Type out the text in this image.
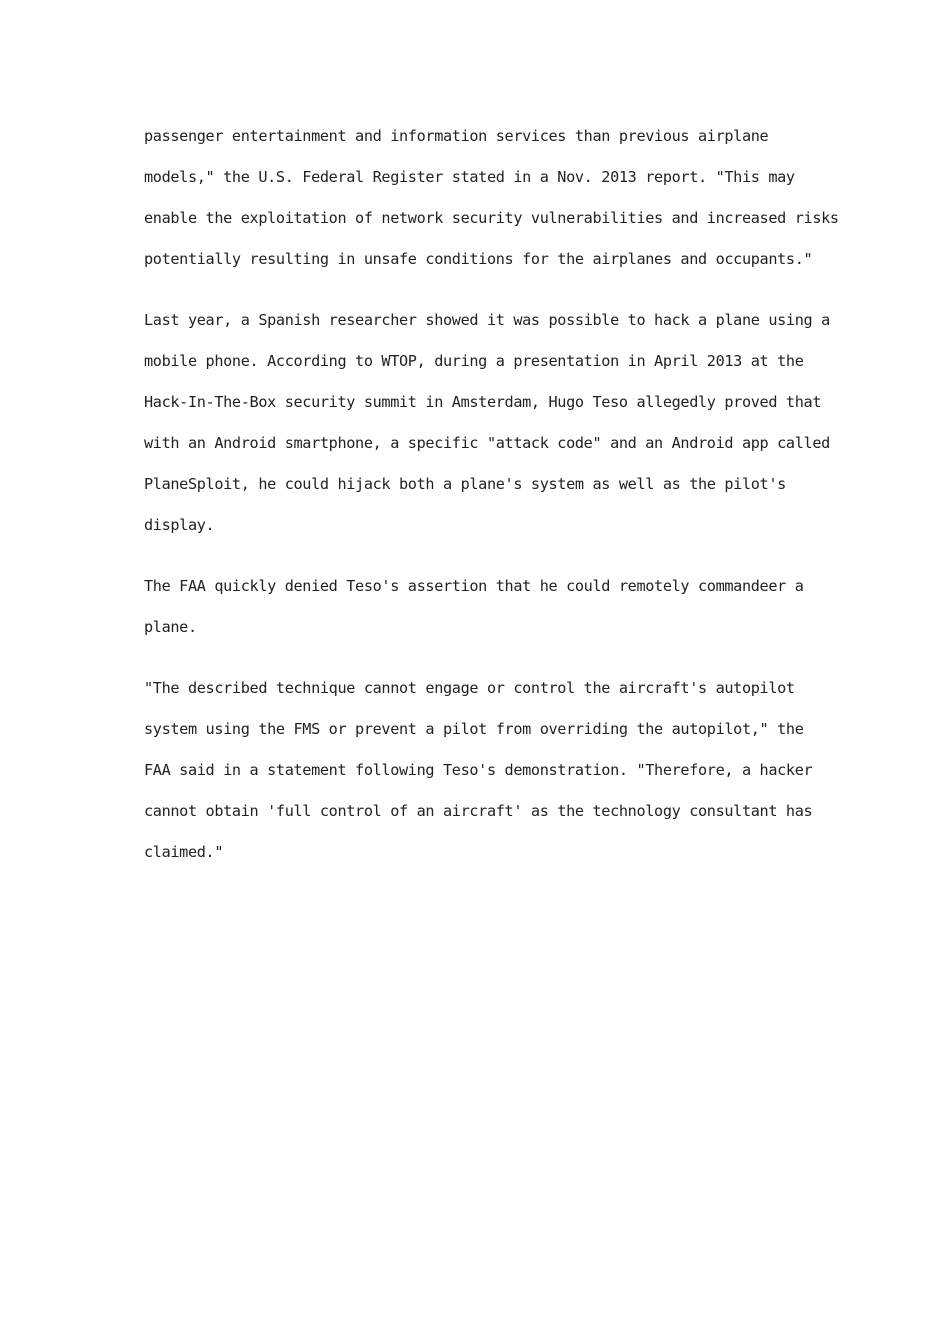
passenger entertainment and information services than previous airplane
models," the U.S. Federal Register stated in a Nov. 2013 report. "This may
enable the exploitation of network security vulnerabilities and increased risks
potentially resulting in unsafe conditions for the airplanes and occupants."

Last year, a Spanish researcher showed it was possible to hack a plane using a
mobile phone. According to WTOP, during a presentation in April 2013 at the
Hack-In-The-Box security summit in Amsterdam, Hugo Teso allegedly proved that
with an Android smartphone, a specific "attack code" and an Android app called
PlaneSploit, he could hijack both a plane's system as well as the pilot's
display.

The FAA quickly denied Teso's assertion that he could remotely commandeer a
plane.

"The described technique cannot engage or control the aircraft's autopilot
system using the FMS or prevent a pilot from overriding the autopilot," the
FAA said in a statement following Teso's demonstration. "Therefore, a hacker
cannot obtain 'full control of an aircraft' as the technology consultant has
claimed."
